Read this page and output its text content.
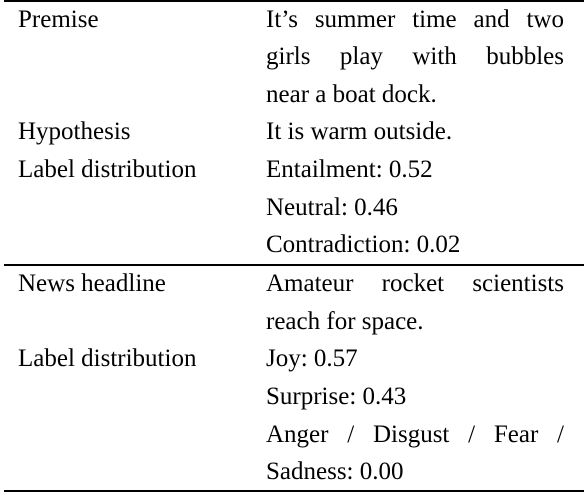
Premise	It’s summer time and two
girls play with bubbles
near a boat dock.
Hypothesis	It is warm outside.
Label distribution	Entailment: 0.52
Neutral: 0.46
Contradiction: 0.02
News headline	Amateur rocket scientists
reach for space.
Label distribution	Joy: 0.57
Surprise: 0.43
Anger / Disgust / Fear /
Sadness: 0.00
